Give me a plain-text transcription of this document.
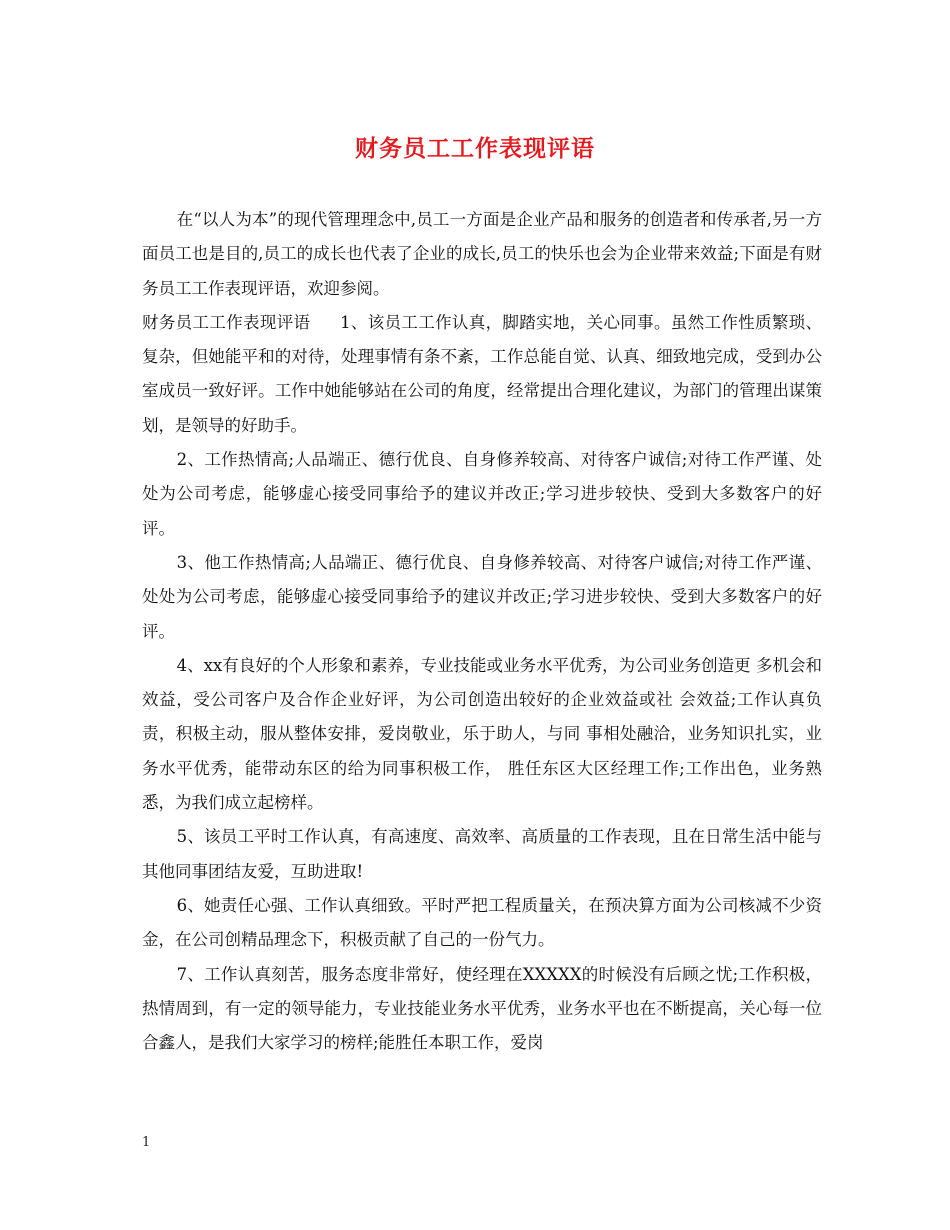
财务员工工作表现评语

在“以人为本”的现代管理理念中,员工一方面是企业产品和服务的创造者和传承者,另一方面员工也是目的,员工的成长也代表了企业的成长,员工的快乐也会为企业带来效益;下面是有财务员工工作表现评语，欢迎参阅。

财务员工工作表现评语 1、该员工工作认真，脚踏实地，关心同事。虽然工作性质繁琐、复杂，但她能平和的对待，处理事情有条不紊，工作总能自觉、认真、细致地完成，受到办公室成员一致好评。工作中她能够站在公司的角度，经常提出合理化建议，为部门的管理出谋策划，是领导的好助手。

2、工作热情高;人品端正、德行优良、自身修养较高、对待客户诚信;对待工作严谨、处处为公司考虑，能够虚心接受同事给予的建议并改正;学习进步较快、受到大多数客户的好评。

3、他工作热情高;人品端正、德行优良、自身修养较高、对待客户诚信;对待工作严谨、处处为公司考虑，能够虚心接受同事给予的建议并改正;学习进步较快、受到大多数客户的好评。

4、xx有良好的个人形象和素养，专业技能或业务水平优秀，为公司业务创造更 多机会和效益，受公司客户及合作企业好评，为公司创造出较好的企业效益或社 会效益;工作认真负责，积极主动，服从整体安排，爱岗敬业，乐于助人，与同 事相处融洽，业务知识扎实，业务水平优秀，能带动东区的给为同事积极工作， 胜任东区大区经理工作;工作出色，业务熟悉，为我们成立起榜样。

5、该员工平时工作认真，有高速度、高效率、高质量的工作表现，且在日常生活中能与其他同事团结友爱，互助进取!

6、她责任心强、工作认真细致。平时严把工程质量关，在预决算方面为公司核减不少资金，在公司创精品理念下，积极贡献了自己的一份气力。

7、工作认真刻苦，服务态度非常好，使经理在XXXXX的时候没有后顾之忧;工作积极，热情周到，有一定的领导能力，专业技能业务水平优秀，业务水平也在不断提高，关心每一位合鑫人，是我们大家学习的榜样;能胜任本职工作，爱岗

1
